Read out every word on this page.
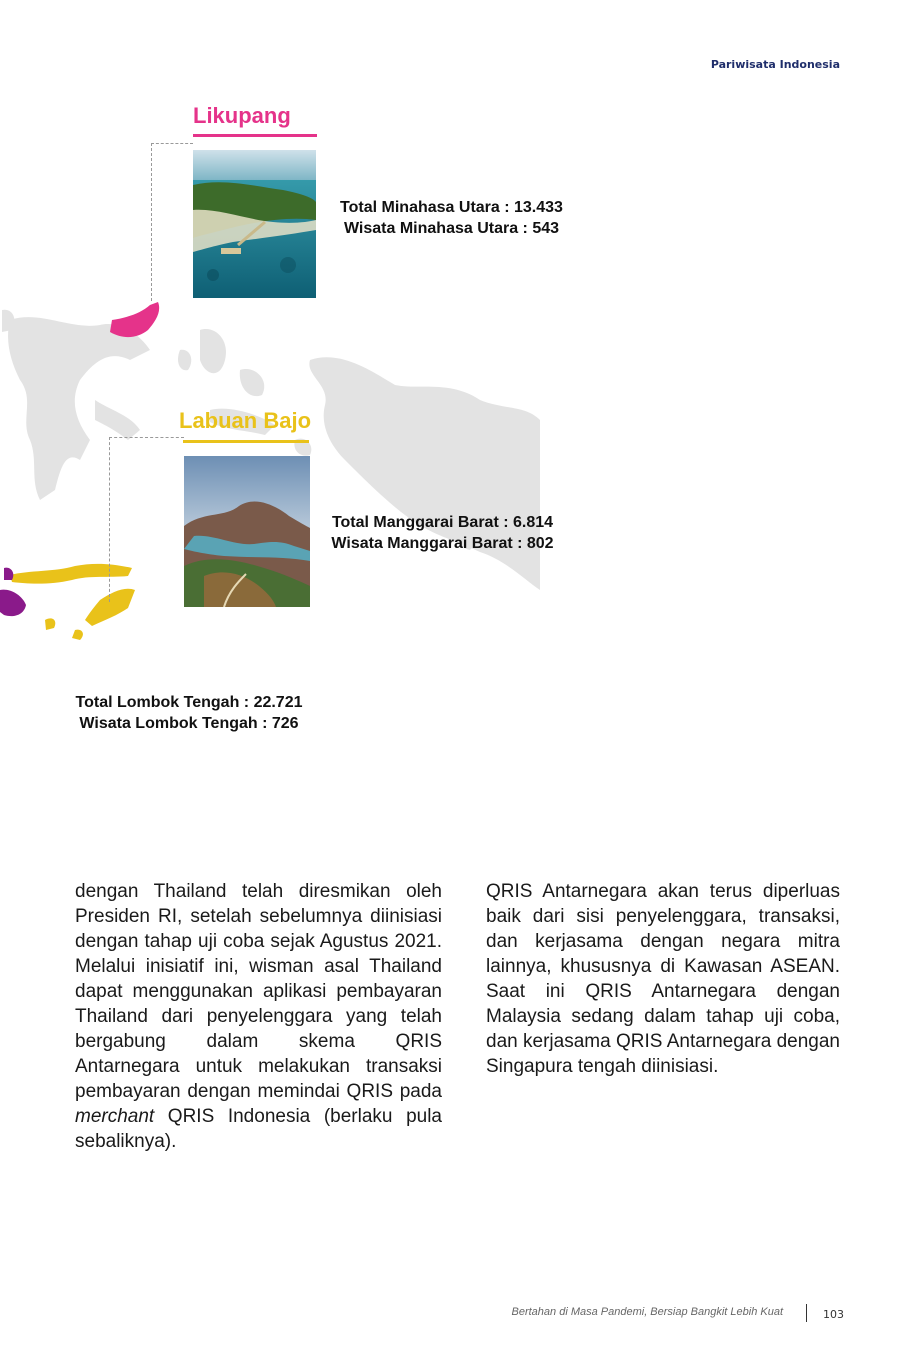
Pariwisata Indonesia
Likupang
Total Minahasa Utara : 13.433
Wisata Minahasa Utara : 543
Labuan Bajo
Total Manggarai Barat : 6.814
Wisata Manggarai Barat : 802
Total Lombok Tengah : 22.721
Wisata Lombok Tengah : 726
dengan Thailand telah diresmikan oleh Presiden RI, setelah sebelumnya diinisiasi dengan tahap uji coba sejak Agustus 2021. Melalui inisiatif ini, wisman asal Thailand dapat menggunakan aplikasi pembayaran Thailand dari penyelenggara yang telah bergabung dalam skema QRIS Antarnegara untuk melakukan transaksi pembayaran dengan memindai QRIS pada merchant QRIS Indonesia (berlaku pula sebaliknya).
QRIS Antarnegara akan terus diperluas baik dari sisi penyelenggara, transaksi, dan kerjasama dengan negara mitra lainnya, khususnya di Kawasan ASEAN. Saat ini QRIS Antarnegara dengan Malaysia sedang dalam tahap uji coba, dan kerjasama QRIS Antarnegara dengan Singapura tengah diinisiasi.
Bertahan di Masa Pandemi, Bersiap Bangkit Lebih Kuat	103
